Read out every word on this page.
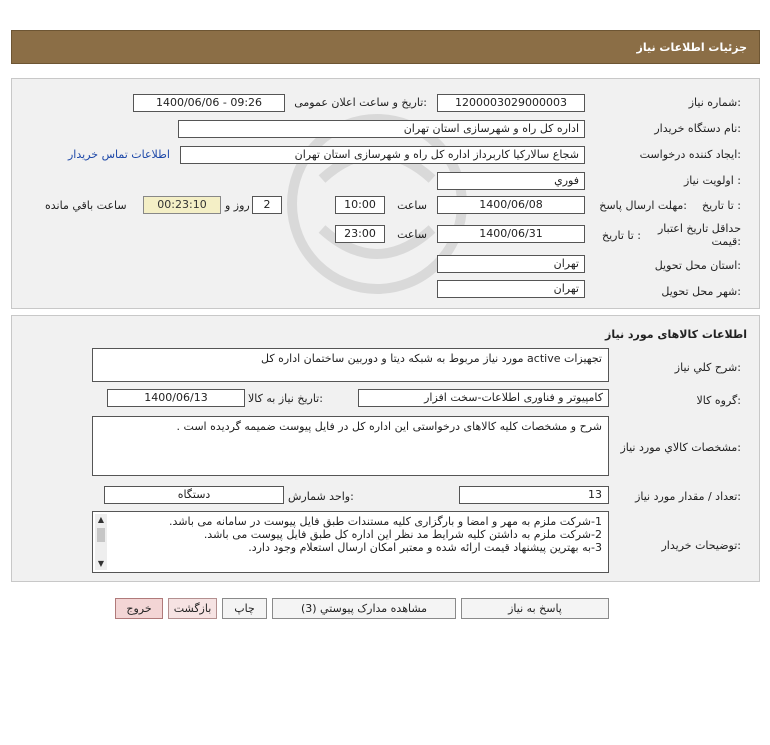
جزئیات اطلاعات نیاز
شماره نیاز:
1200003029000003
تاریخ و ساعت اعلان عمومی:
1400/06/06 - 09:26
نام دستگاه خریدار:
اداره کل راه و شهرسازی استان تهران
ایجاد کننده درخواست:
شجاع سالارکیا کاربرداز اداره کل راه و شهرسازی استان تهران
اطلاعات تماس خریدار
اولویت نیاز :
فوري
مهلت ارسال پاسخ: تا تاریخ :
1400/06/08
ساعت
10:00
2
روز و
00:23:10
ساعت باقي مانده
حداقل تاریخ اعتبار قیمت:
تا تاریخ :
1400/06/31
ساعت
23:00
استان محل تحویل:
تهران
شهر محل تحویل:
تهران
اطلاعات کالاهای مورد نیاز
شرح کلي نیاز:
تجهیزات active مورد نیاز مربوط به شبکه دیتا و دوربین ساختمان اداره کل
گروه کالا:
کامپیوتر و فناوری اطلاعات-سخت افزار
تاریخ نیاز به کالا:
1400/06/13
مشخصات کالاي مورد نیاز:
شرح و مشخصات کلیه کالاهای درخواستی این اداره کل در فایل پیوست ضمیمه گردیده است .
تعداد / مقدار مورد نیاز:
13
واحد شمارش:
دستگاه
توضیحات خریدار:
▲
▼
1-شرکت ملزم به مهر و امضا و بارگزاری کلیه مستندات طبق فایل پیوست در سامانه می باشد.
2-شرکت ملزم به داشتن کلیه شرایط مد نظر این اداره کل طبق فایل پیوست می باشد.
3-به بهترین پیشنهاد قیمت ارائه شده و معتبر امکان ارسال استعلام وجود دارد.
پاسخ به نیاز
مشاهده مدارک پیوستي (3)
چاپ
بازگشت
خروج
